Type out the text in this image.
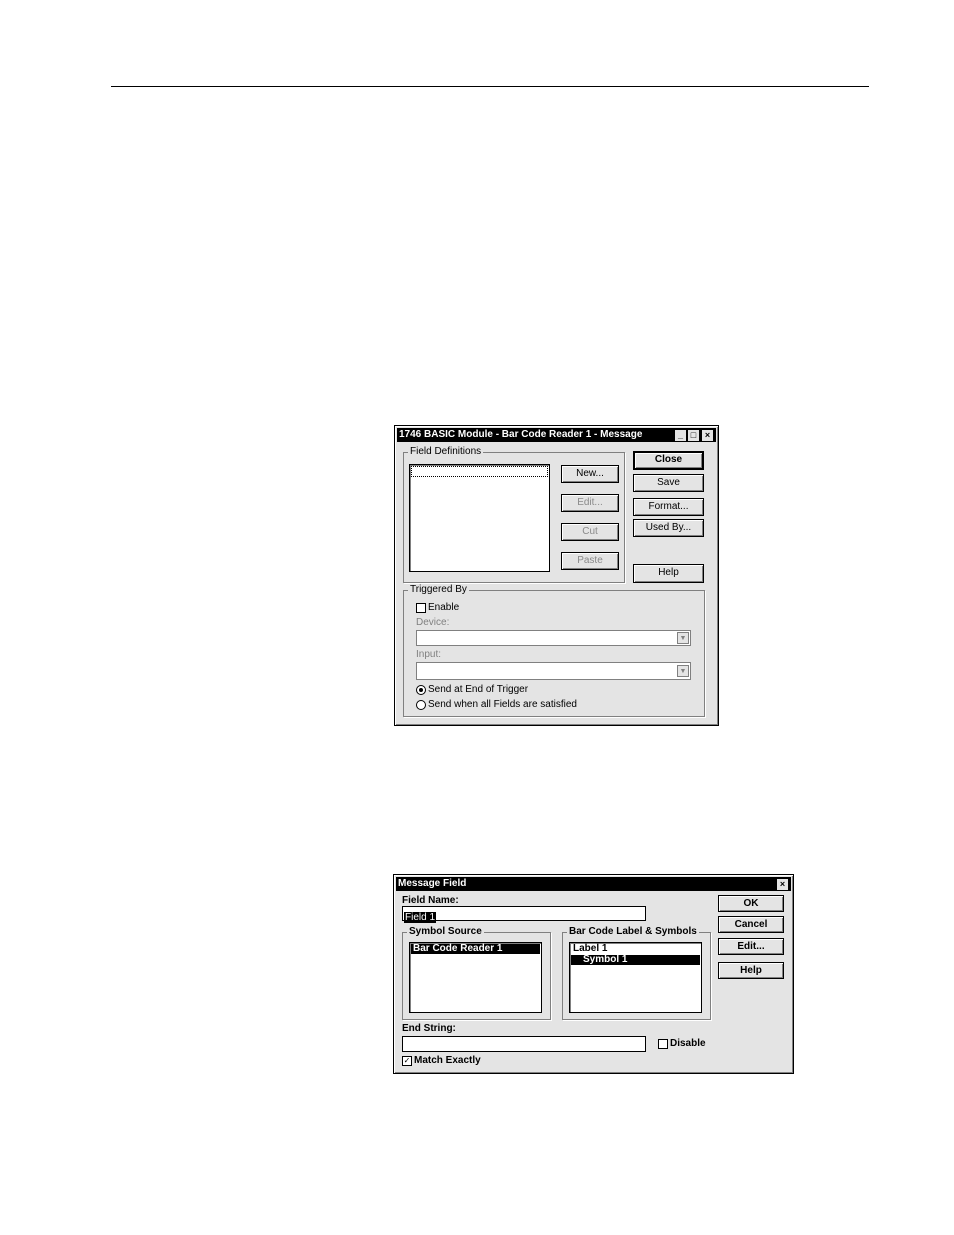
1746 BASIC Module - Bar Code Reader 1 - Message	_ □ ×
Field Definitions
New...
Edit...
Cut
Paste
Close
Save
Format...
Used By...
Help
Triggered By
Enable
Device:
▼
Input:
▼
Send at End of Trigger
Send when all Fields are satisfied
Message Field	×
Field Name:
Field 1
Symbol Source
Bar Code Reader 1
Bar Code Label & Symbols
Label 1
Symbol 1
OK
Cancel
Edit...
Help
End String:
Disable
✓ Match Exactly
